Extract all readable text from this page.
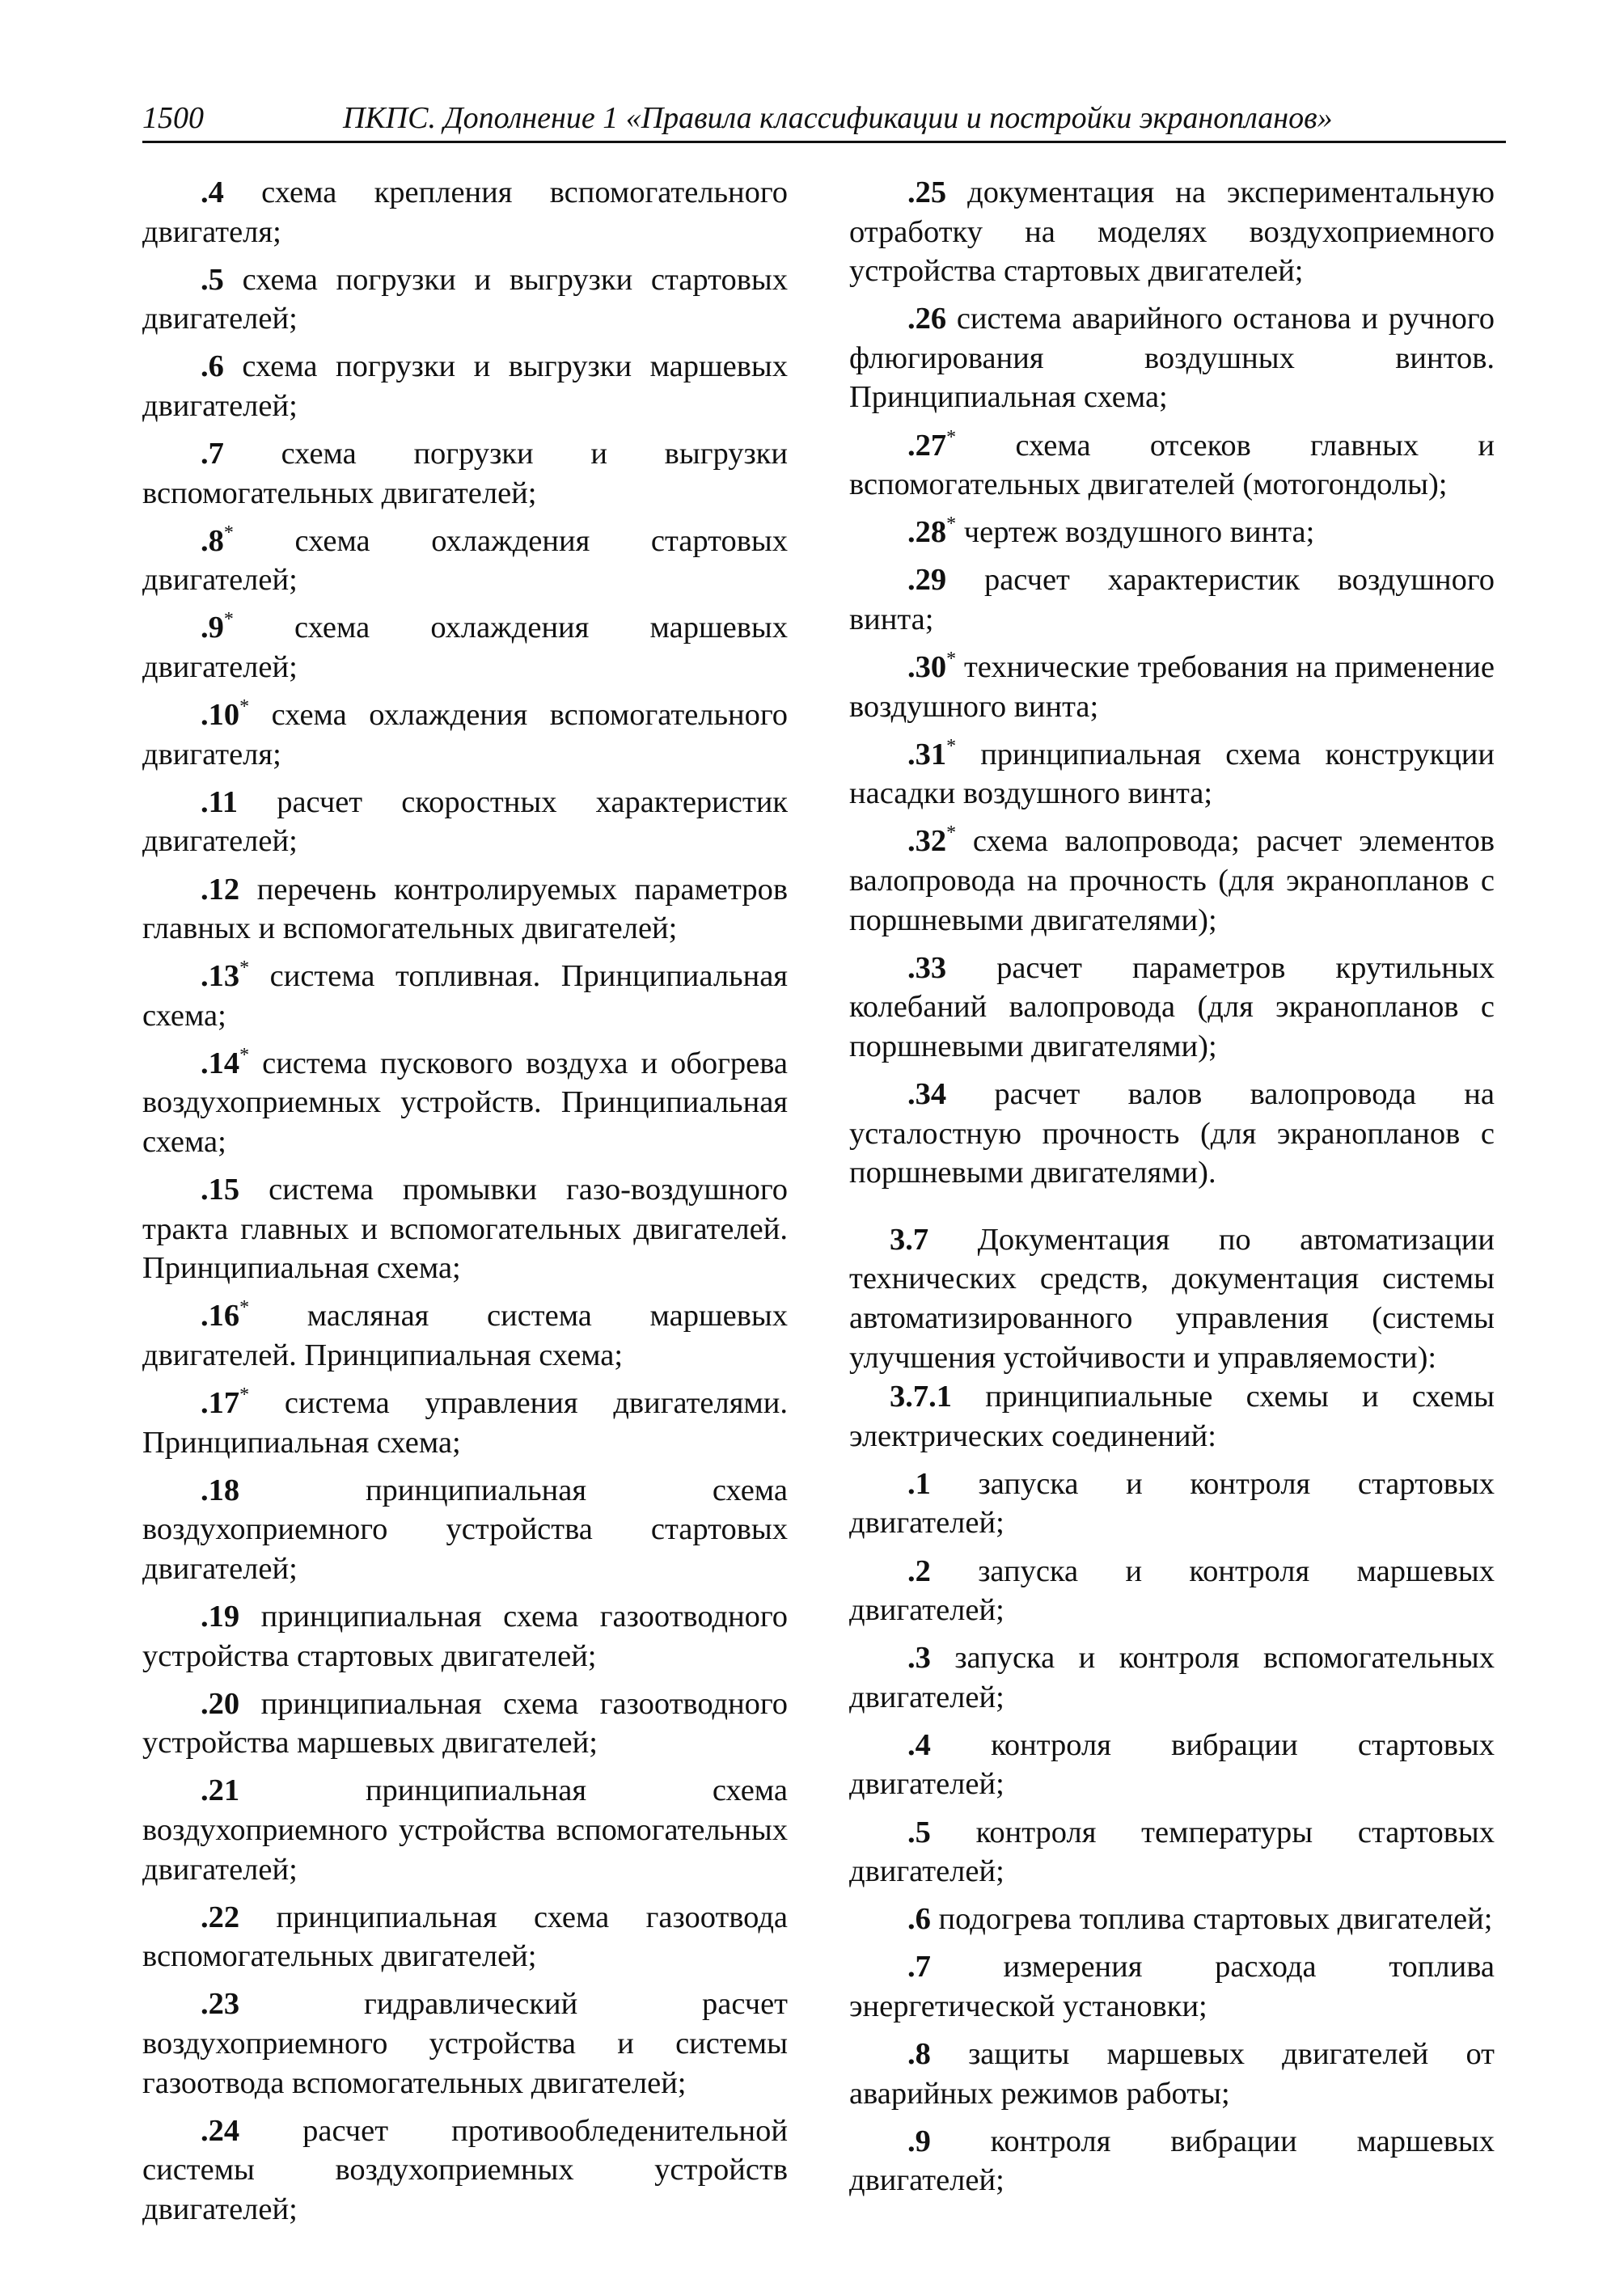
1500	ПКПС. Дополнение 1 «Правила классификации и постройки экранопланов»

.4 схема крепления вспомогательного двигателя;

.5 схема погрузки и выгрузки стартовых двигателей;

.6 схема погрузки и выгрузки маршевых двигателей;

.7 схема погрузки и выгрузки вспомогательных двигателей;

.8* схема охлаждения стартовых двигателей;

.9* схема охлаждения маршевых двигателей;

.10* схема охлаждения вспомогательного двигателя;

.11 расчет скоростных характеристик двигателей;

.12 перечень контролируемых параметров главных и вспомогательных двигателей;

.13* система топливная. Принципиальная схема;

.14* система пускового воздуха и обогрева воздухоприемных устройств. Принципиальная схема;

.15 система промывки газо-воздушного тракта главных и вспомогательных двигателей. Принципиальная схема;

.16* масляная система маршевых двигателей. Принципиальная схема;

.17* система управления двигателями. Принципиальная схема;

.18	принципиальная схема воздухоприемного устройства стартовых двигателей;

.19 принципиальная схема газоотводного устройства стартовых двигателей;

.20 принципиальная схема газоотводного устройства маршевых двигателей;

.21	принципиальная схема воздухоприемного устройства вспомогательных двигателей;

.22 принципиальная схема газоотвода вспомогательных двигателей;

.23	гидравлический расчет воздухоприемного устройства и системы газоотвода вспомогательных двигателей;

.24 расчет противообледенительной системы воздухоприемных устройств двигателей;

.25 документация на экспериментальную отработку на моделях воздухоприемного устройства стартовых двигателей;

.26 система аварийного останова и ручного флюгирования воздушных винтов. Принципиальная схема;

.27* схема отсеков главных и вспомогательных двигателей (мотогондолы);

.28* чертеж воздушного винта;

.29 расчет характеристик воздушного винта;

.30* технические требования на применение воздушного винта;

.31* принципиальная схема конструкции насадки воздушного винта;

.32* схема валопровода; расчет элементов валопровода на прочность (для экранопланов с поршневыми двигателями);

.33 расчет параметров крутильных колебаний валопровода (для экранопланов с поршневыми двигателями);

.34 расчет валов валопровода на усталостную прочность (для экранопланов с поршневыми двигателями).

3.7 Документация по автоматизации технических средств, документация системы автоматизированного управления (системы улучшения устойчивости и управляемости):

3.7.1 принципиальные схемы и схемы электрических соединений:

.1 запуска и контроля стартовых двигателей;

.2 запуска и контроля маршевых двигателей;

.3 запуска и контроля вспомогательных двигателей;

.4 контроля вибрации стартовых двигателей;

.5 контроля температуры стартовых двигателей;

.6 подогрева топлива стартовых двигателей;

.7 измерения расхода топлива энергетической установки;

.8 защиты маршевых двигателей от аварийных режимов работы;

.9 контроля вибрации маршевых двигателей;
